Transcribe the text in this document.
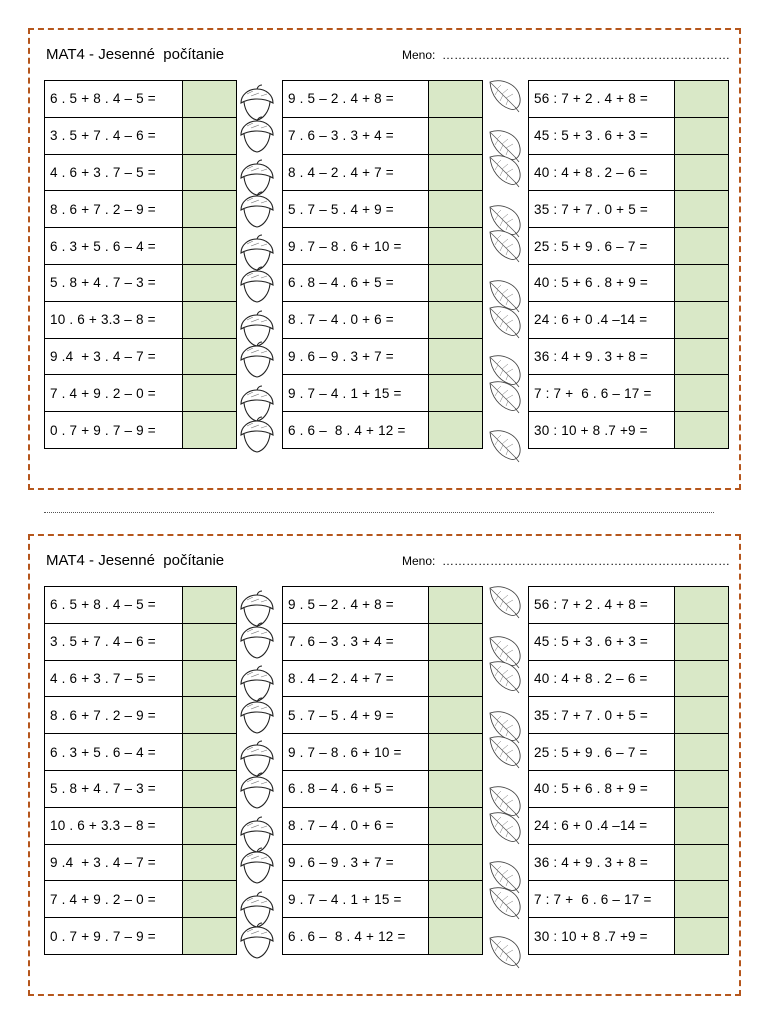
MAT4 - Jesenné  počítanie	Meno:  ………………………………………………………………
6 . 5 + 8 . 4 – 5 =	
3 . 5 + 7 . 4 – 6 =	
4 . 6 + 3 . 7 – 5 =	
8 . 6 + 7 . 2 – 9 =	
6 . 3 + 5 . 6 – 4 =	
5 . 8 + 4 . 7 – 3 =	
10 . 6 + 3.3 – 8 =	
9 .4  + 3 . 4 – 7 =	
7 . 4 + 9 . 2 – 0 =	
0 . 7 + 9 . 7 – 9 =	
9 . 5 – 2 . 4 + 8 =	
7 . 6 – 3 . 3 + 4 =	
8 . 4 – 2 . 4 + 7 =	
5 . 7 – 5 . 4 + 9 =	
9 . 7 – 8 . 6 + 10 =	
6 . 8 – 4 . 6 + 5 =	
8 . 7 – 4 . 0 + 6 =	
9 . 6 – 9 . 3 + 7 =	
9 . 7 – 4 . 1 + 15 =	
6 . 6 –  8 . 4 + 12 =	
56 : 7 + 2 . 4 + 8 =	
45 : 5 + 3 . 6 + 3 =	
40 : 4 + 8 . 2 – 6 =	
35 : 7 + 7 . 0 + 5 =	
25 : 5 + 9 . 6 – 7 =	
40 : 5 + 6 . 8 + 9 =	
24 : 6 + 0 .4 –14 =	
36 : 4 + 9 . 3 + 8 =	
7 : 7 +  6 . 6 – 17 =	
30 : 10 + 8 .7 +9 =	
MAT4 - Jesenné  počítanie	Meno:  ………………………………………………………………
6 . 5 + 8 . 4 – 5 =	
3 . 5 + 7 . 4 – 6 =	
4 . 6 + 3 . 7 – 5 =	
8 . 6 + 7 . 2 – 9 =	
6 . 3 + 5 . 6 – 4 =	
5 . 8 + 4 . 7 – 3 =	
10 . 6 + 3.3 – 8 =	
9 .4  + 3 . 4 – 7 =	
7 . 4 + 9 . 2 – 0 =	
0 . 7 + 9 . 7 – 9 =	
9 . 5 – 2 . 4 + 8 =	
7 . 6 – 3 . 3 + 4 =	
8 . 4 – 2 . 4 + 7 =	
5 . 7 – 5 . 4 + 9 =	
9 . 7 – 8 . 6 + 10 =	
6 . 8 – 4 . 6 + 5 =	
8 . 7 – 4 . 0 + 6 =	
9 . 6 – 9 . 3 + 7 =	
9 . 7 – 4 . 1 + 15 =	
6 . 6 –  8 . 4 + 12 =	
56 : 7 + 2 . 4 + 8 =	
45 : 5 + 3 . 6 + 3 =	
40 : 4 + 8 . 2 – 6 =	
35 : 7 + 7 . 0 + 5 =	
25 : 5 + 9 . 6 – 7 =	
40 : 5 + 6 . 8 + 9 =	
24 : 6 + 0 .4 –14 =	
36 : 4 + 9 . 3 + 8 =	
7 : 7 +  6 . 6 – 17 =	
30 : 10 + 8 .7 +9 =	
